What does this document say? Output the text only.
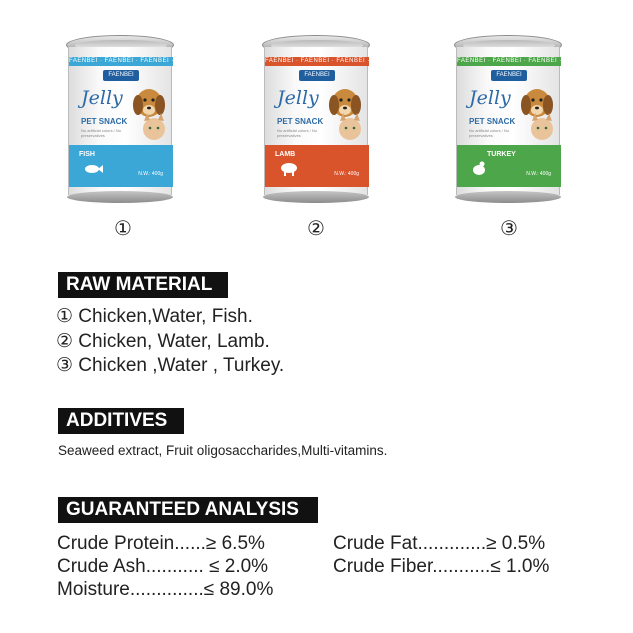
FAENBEI · FAENBEI · FAENBEI · FAENBEI · FAENBEI
FAENBEI
Jelly
PET SNACK
No artificial colors / No preservatives
FISH
N.W.: 400g
FAENBEI · FAENBEI · FAENBEI · FAENBEI · FAENBEI
FAENBEI
Jelly
PET SNACK
No artificial colors / No preservatives
LAMB
N.W.: 400g
FAENBEI · FAENBEI · FAENBEI · FAENBEI · FAENBEI
FAENBEI
Jelly
PET SNACK
No artificial colors / No preservatives
TURKEY
N.W.: 400g
①	②	③
RAW MATERIAL
① Chicken,Water, Fish.
② Chicken, Water, Lamb.
③ Chicken ,Water , Turkey.
ADDITIVES
Seaweed extract, Fruit oligosaccharides,Multi-vitamins.
GUARANTEED ANALYSIS
Crude Protein......≥ 6.5%
Crude Ash........... ≤ 2.0%
Moisture..............≤ 89.0%
Crude Fat.............≥ 0.5%
Crude Fiber...........≤ 1.0%
